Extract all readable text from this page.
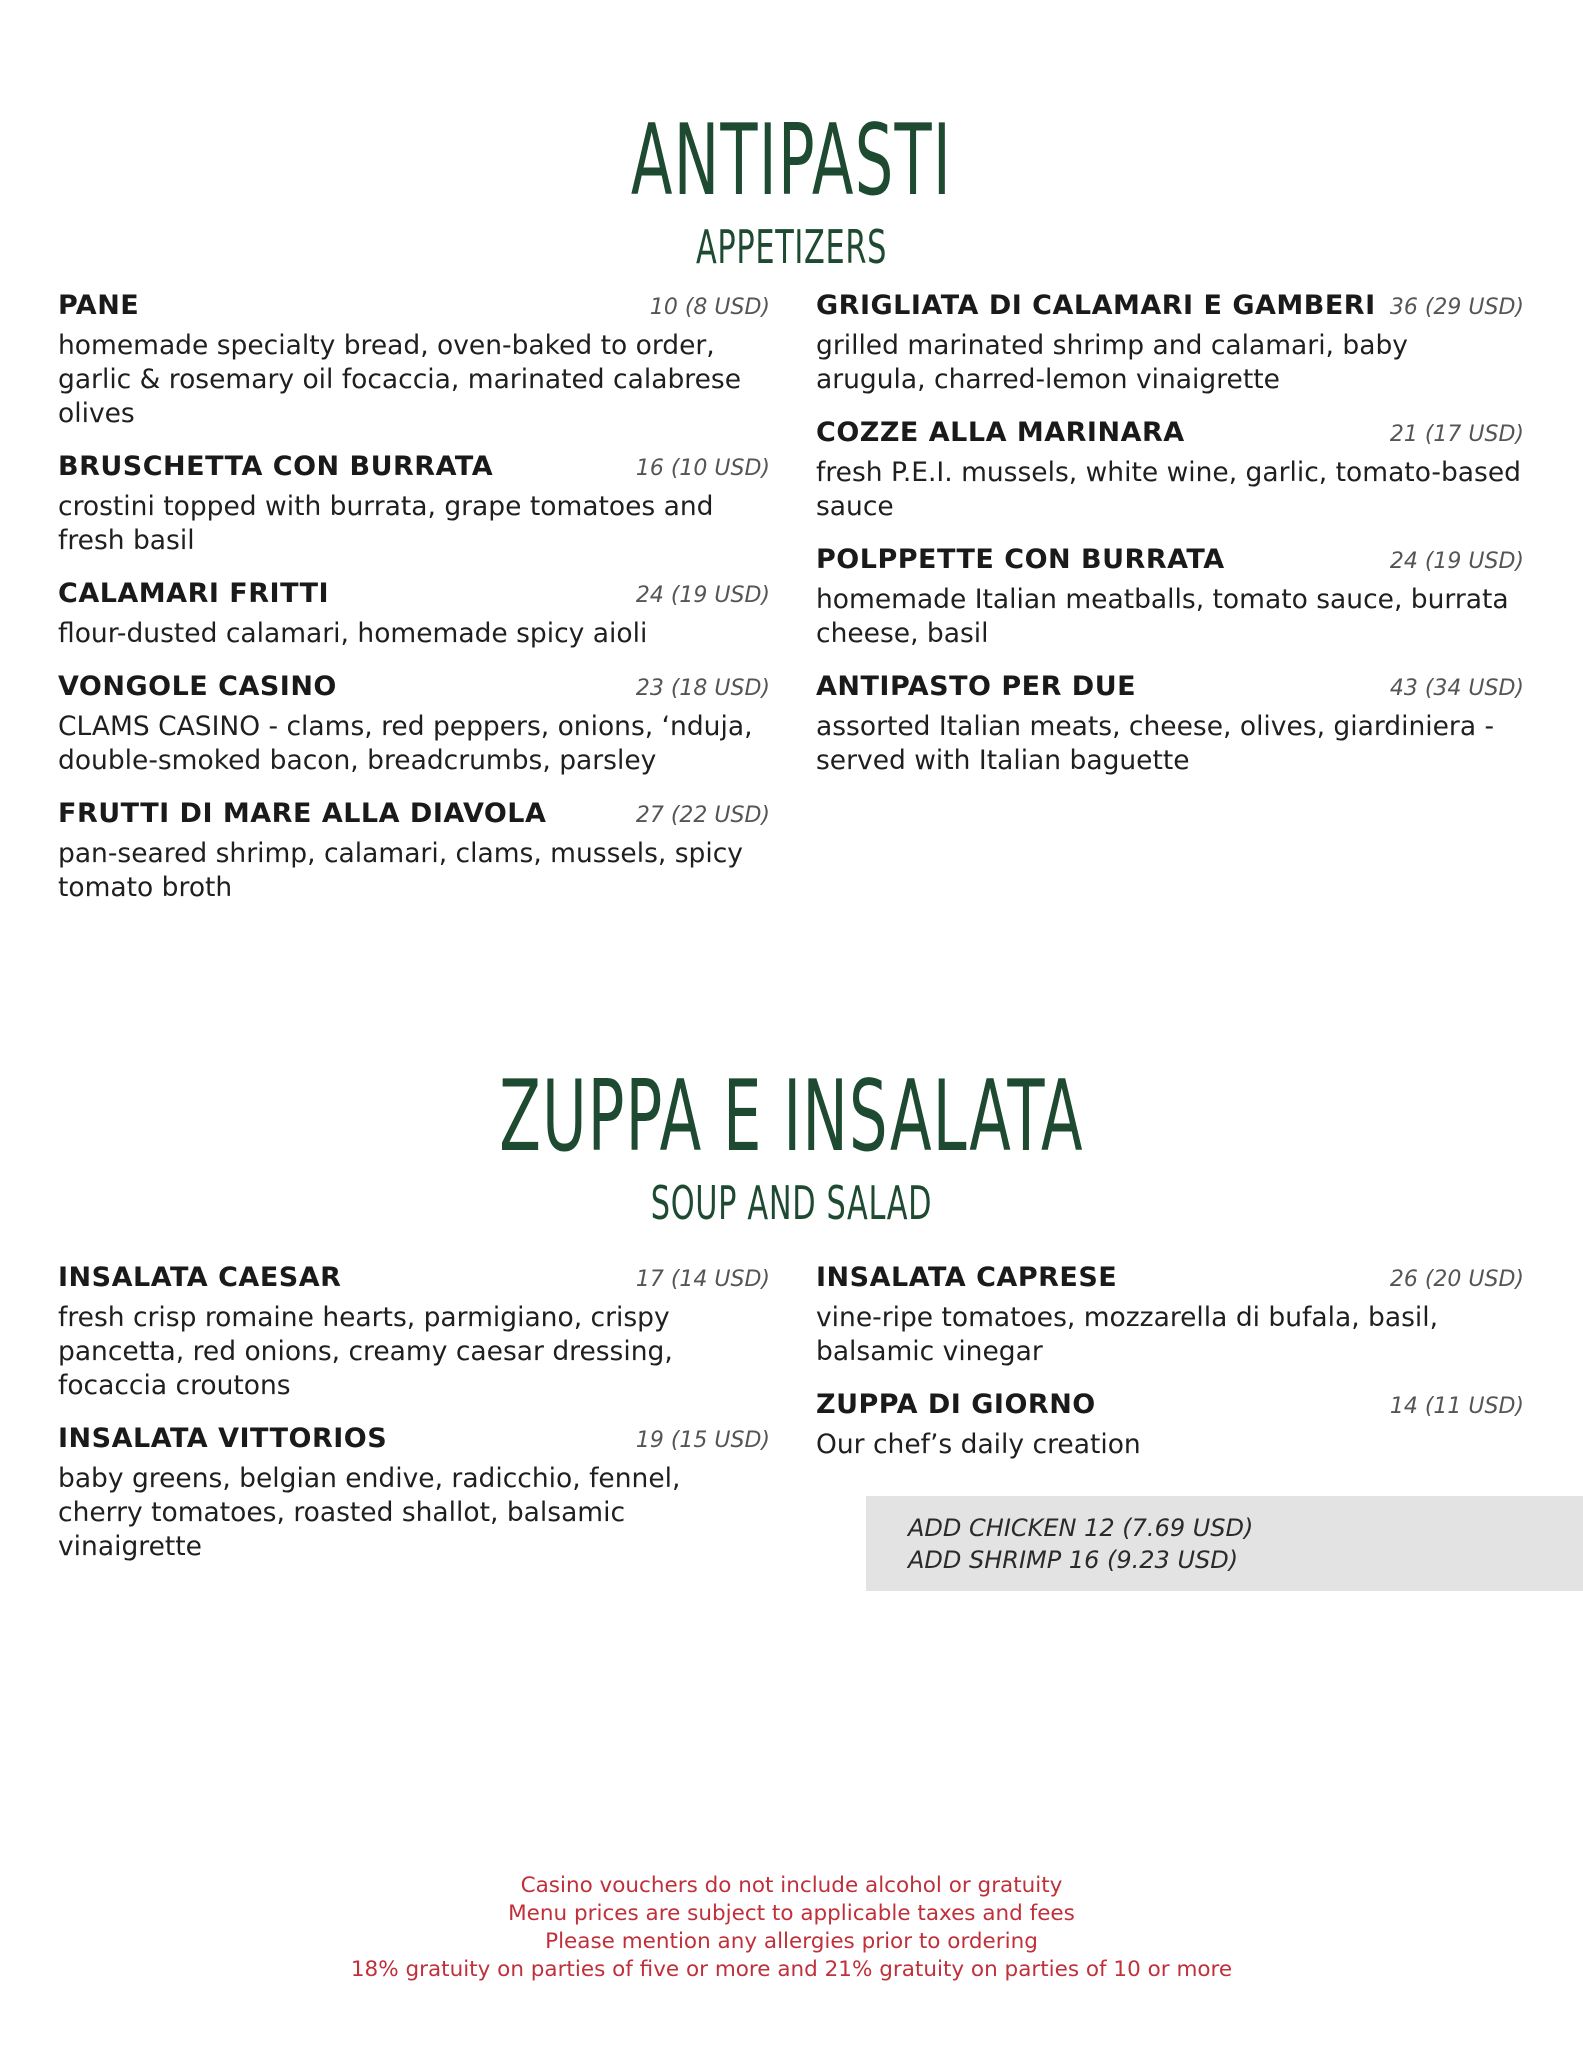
ANTIPASTI
APPETIZERS
PANE	10 (8 USD)
homemade specialty bread, oven-baked to order, garlic & rosemary oil focaccia, marinated calabrese olives
BRUSCHETTA CON BURRATA	16 (10 USD)
crostini topped with burrata, grape tomatoes and fresh basil
CALAMARI FRITTI	24 (19 USD)
flour-dusted calamari, homemade spicy aioli
VONGOLE CASINO	23 (18 USD)
CLAMS CASINO - clams, red peppers, onions, ‘nduja, double-smoked bacon, breadcrumbs, parsley
FRUTTI DI MARE ALLA DIAVOLA	27 (22 USD)
pan-seared shrimp, calamari, clams, mussels, spicy tomato broth
GRIGLIATA DI CALAMARI E GAMBERI 36 (29 USD)
grilled marinated shrimp and calamari, baby arugula, charred-lemon vinaigrette
COZZE ALLA MARINARA	21 (17 USD)
fresh P.E.I. mussels, white wine, garlic, tomato-based sauce
POLPPETTE CON BURRATA	24 (19 USD)
homemade Italian meatballs, tomato sauce, burrata cheese, basil
ANTIPASTO PER DUE	43 (34 USD)
assorted Italian meats, cheese, olives, giardiniera - served with Italian baguette
ZUPPA E INSALATA
SOUP AND SALAD
INSALATA CAESAR	17 (14 USD)
fresh crisp romaine hearts, parmigiano, crispy pancetta, red onions, creamy caesar dressing, focaccia croutons
INSALATA VITTORIOS	19 (15 USD)
baby greens, belgian endive, radicchio, fennel, cherry tomatoes, roasted shallot, balsamic vinaigrette
INSALATA CAPRESE	26 (20 USD)
vine-ripe tomatoes, mozzarella di bufala, basil, balsamic vinegar
ZUPPA DI GIORNO	14 (11 USD)
Our chef’s daily creation
ADD CHICKEN 12 (7.69 USD)
ADD SHRIMP 16 (9.23 USD)
Casino vouchers do not include alcohol or gratuity
Menu prices are subject to applicable taxes and fees
Please mention any allergies prior to ordering
18% gratuity on parties of five or more and 21% gratuity on parties of 10 or more
